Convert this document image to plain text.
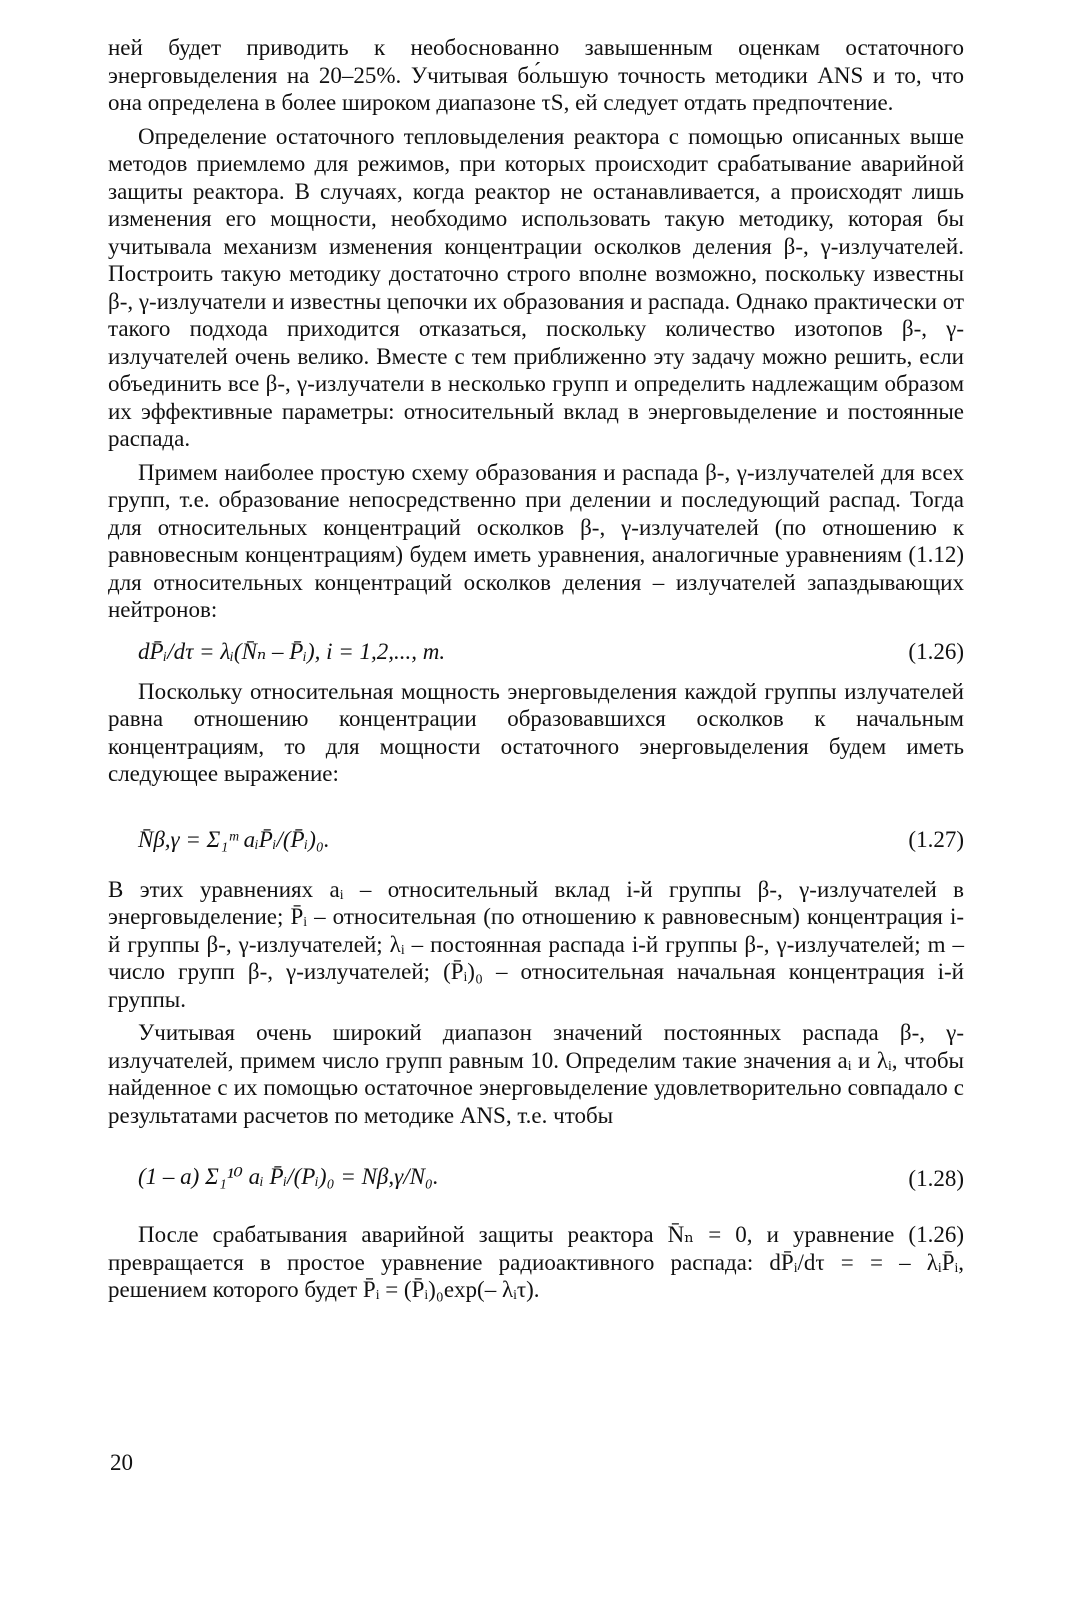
ней будет приводить к необоснованно завышенным оценкам остаточного энерговыделения на 20–25%. Учитывая бо́льшую точность методики ANS и то, что она определена в более широком диапазоне τS, ей следует отдать предпочтение.

Определение остаточного тепловыделения реактора с помощью описанных выше методов приемлемо для режимов, при которых происходит срабатывание аварийной защиты реактора. В случаях, когда реактор не останавливается, а происходят лишь изменения его мощности, необходимо использовать такую методику, которая бы учитывала механизм изменения концентрации осколков деления β-, γ-излучателей. Построить такую методику достаточно строго вполне возможно, поскольку известны β-, γ-излучатели и известны цепочки их образования и распада. Однако практически от такого подхода приходится отказаться, поскольку количество изотопов β-, γ-излучателей очень велико. Вместе с тем приближенно эту задачу можно решить, если объединить все β-, γ-излучатели в несколько групп и определить надлежащим образом их эффективные параметры: относительный вклад в энерговыделение и постоянные распада.

Примем наиболее простую схему образования и распада β-, γ-излучателей для всех групп, т.е. образование непосредственно при делении и последующий распад. Тогда для относительных концентраций осколков β-, γ-излучателей (по отношению к равновесным концентрациям) будем иметь уравнения, аналогичные уравнениям (1.12) для относительных концентраций осколков деления – излучателей запаздывающих нейтронов:

dP̄ᵢ/dτ = λᵢ(N̄ₙ – P̄ᵢ), i = 1,2,..., m.	(1.26)

Поскольку относительная мощность энерговыделения каждой группы излучателей равна отношению концентрации образовавшихся осколков к начальным концентрациям, то для мощности остаточного энерговыделения будем иметь следующее выражение:

N̄β,γ = Σ₁ᵐ aᵢP̄ᵢ/(P̄ᵢ)₀.	(1.27)

В этих уравнениях aᵢ – относительный вклад i-й группы β-, γ-излучателей в энерговыделение; P̄ᵢ – относительная (по отношению к равновесным) концентрация i-й группы β-, γ-излучателей; λᵢ – постоянная распада i-й группы β-, γ-излучателей; m – число групп β-, γ-излучателей; (P̄ᵢ)₀ – относительная начальная концентрация i-й группы.

Учитывая очень широкий диапазон значений постоянных распада β-, γ-излучателей, примем число групп равным 10. Определим такие значения aᵢ и λᵢ, чтобы найденное с их помощью остаточное энерговыделение удовлетворительно совпадало с результатами расчетов по методике ANS, т.е. чтобы

(1 – a) Σ₁¹⁰ aᵢ P̄ᵢ/(Pᵢ)₀ = Nβ,γ/N₀.	(1.28)

После срабатывания аварийной защиты реактора N̄ₙ = 0, и уравнение (1.26) превращается в простое уравнение радиоактивного распада: dP̄ᵢ/dτ = = – λᵢP̄ᵢ, решением которого будет P̄ᵢ = (P̄ᵢ)₀exp(– λᵢτ).

20
